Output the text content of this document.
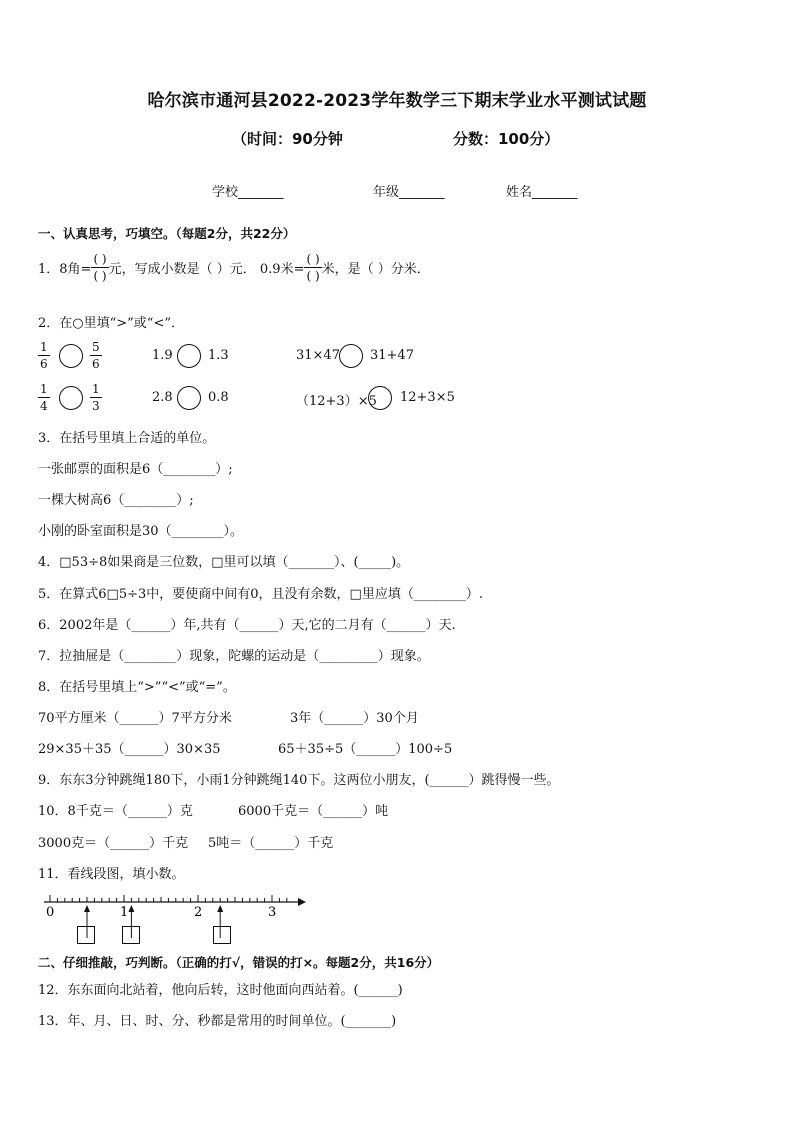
哈尔滨市通河县2022-2023学年数学三下期末学业水平测试试题
（时间：90分钟	分数：100分）
学校_______	年级_______	姓名_______
一、认真思考，巧填空。（每题2分，共22分）
1．8角= $\frac{( )}{( )}$ 元，写成小数是（ ）元． 0.9米= $\frac{( )}{( )}$ 米，是（ ）分米．
2．在○里填“>”或“<”．
$\frac{1}{6}$	$\frac{5}{6}$	1.9	1.3	31×47 31+47
$\frac{1}{4}$	$\frac{1}{3}$	2.8	0.8	（12+3）×5 12+3×5
3．在括号里填上合适的单位。
一张邮票的面积是6（________）;
一棵大树高6（________）;
小刚的卧室面积是30（________）。
4．□53÷8如果商是三位数，□里可以填（_______）、(_____)。
5．在算式6□5÷3中，要使商中间有0，且没有余数，□里应填（________）.
6．2002年是（______）年,共有（______）天,它的二月有（______）天.
7．拉抽屉是（________）现象，陀螺的运动是（_________）现象。
8．在括号里填上“>”“<”或“=”。
70平方厘米（______）7平方分米	3年（______）30个月
29×35＋35（______）30×35	65＋35÷5（______）100÷5
9．东东3分钟跳绳180下，小雨1分钟跳绳140下。这两位小朋友，(______）跳得慢一些。
10．8千克＝（______）克	6000千克＝（______）吨
3000克＝（______）千克 5吨＝（______）千克
11．看线段图，填小数。
0	1	2	3
二、仔细推敲，巧判断。（正确的打√，错误的打×。每题2分，共16分）
12．东东面向北站着，他向后转，这时他面向西站着。(______)
13．年、月、日、时、分、秒都是常用的时间单位。(_______)
